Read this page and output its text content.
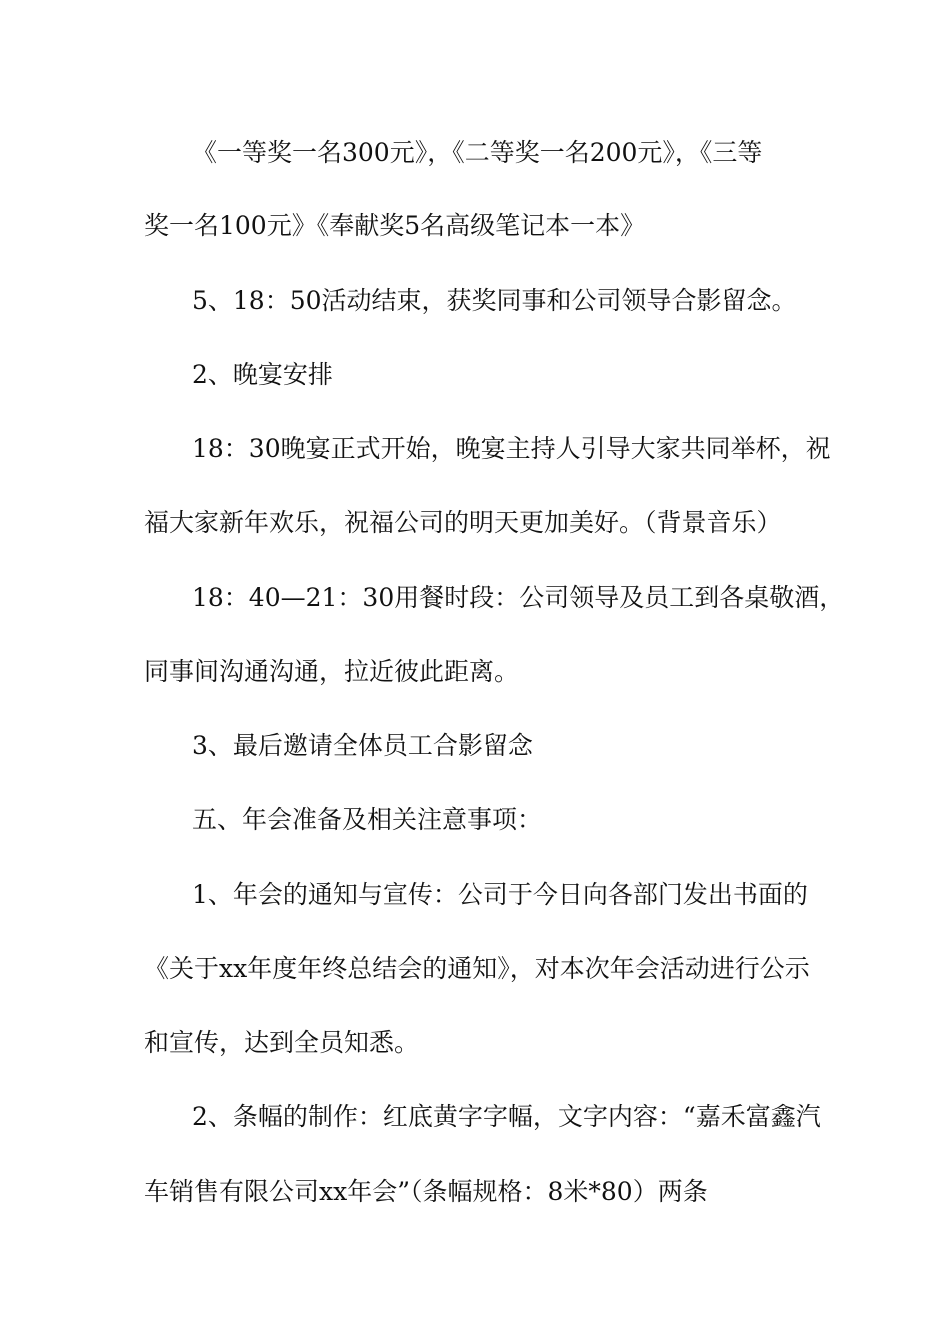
《一等奖一名300元》，《二等奖一名200元》，《三等
奖一名100元》《奉献奖5名高级笔记本一本》
5、18：50活动结束，获奖同事和公司领导合影留念。
2、晚宴安排
18：30晚宴正式开始，晚宴主持人引导大家共同举杯，祝
福大家新年欢乐，祝福公司的明天更加美好。（背景音乐）
18：40—21：30用餐时段：公司领导及员工到各桌敬酒，
同事间沟通沟通，拉近彼此距离。
3、最后邀请全体员工合影留念
五、年会准备及相关注意事项：
1、年会的通知与宣传：公司于今日向各部门发出书面的
《关于xx年度年终总结会的通知》，对本次年会活动进行公示
和宣传，达到全员知悉。
2、条幅的制作：红底黄字字幅，文字内容：“嘉禾富鑫汽
车销售有限公司xx年会”（条幅规格：8米*80）两条
